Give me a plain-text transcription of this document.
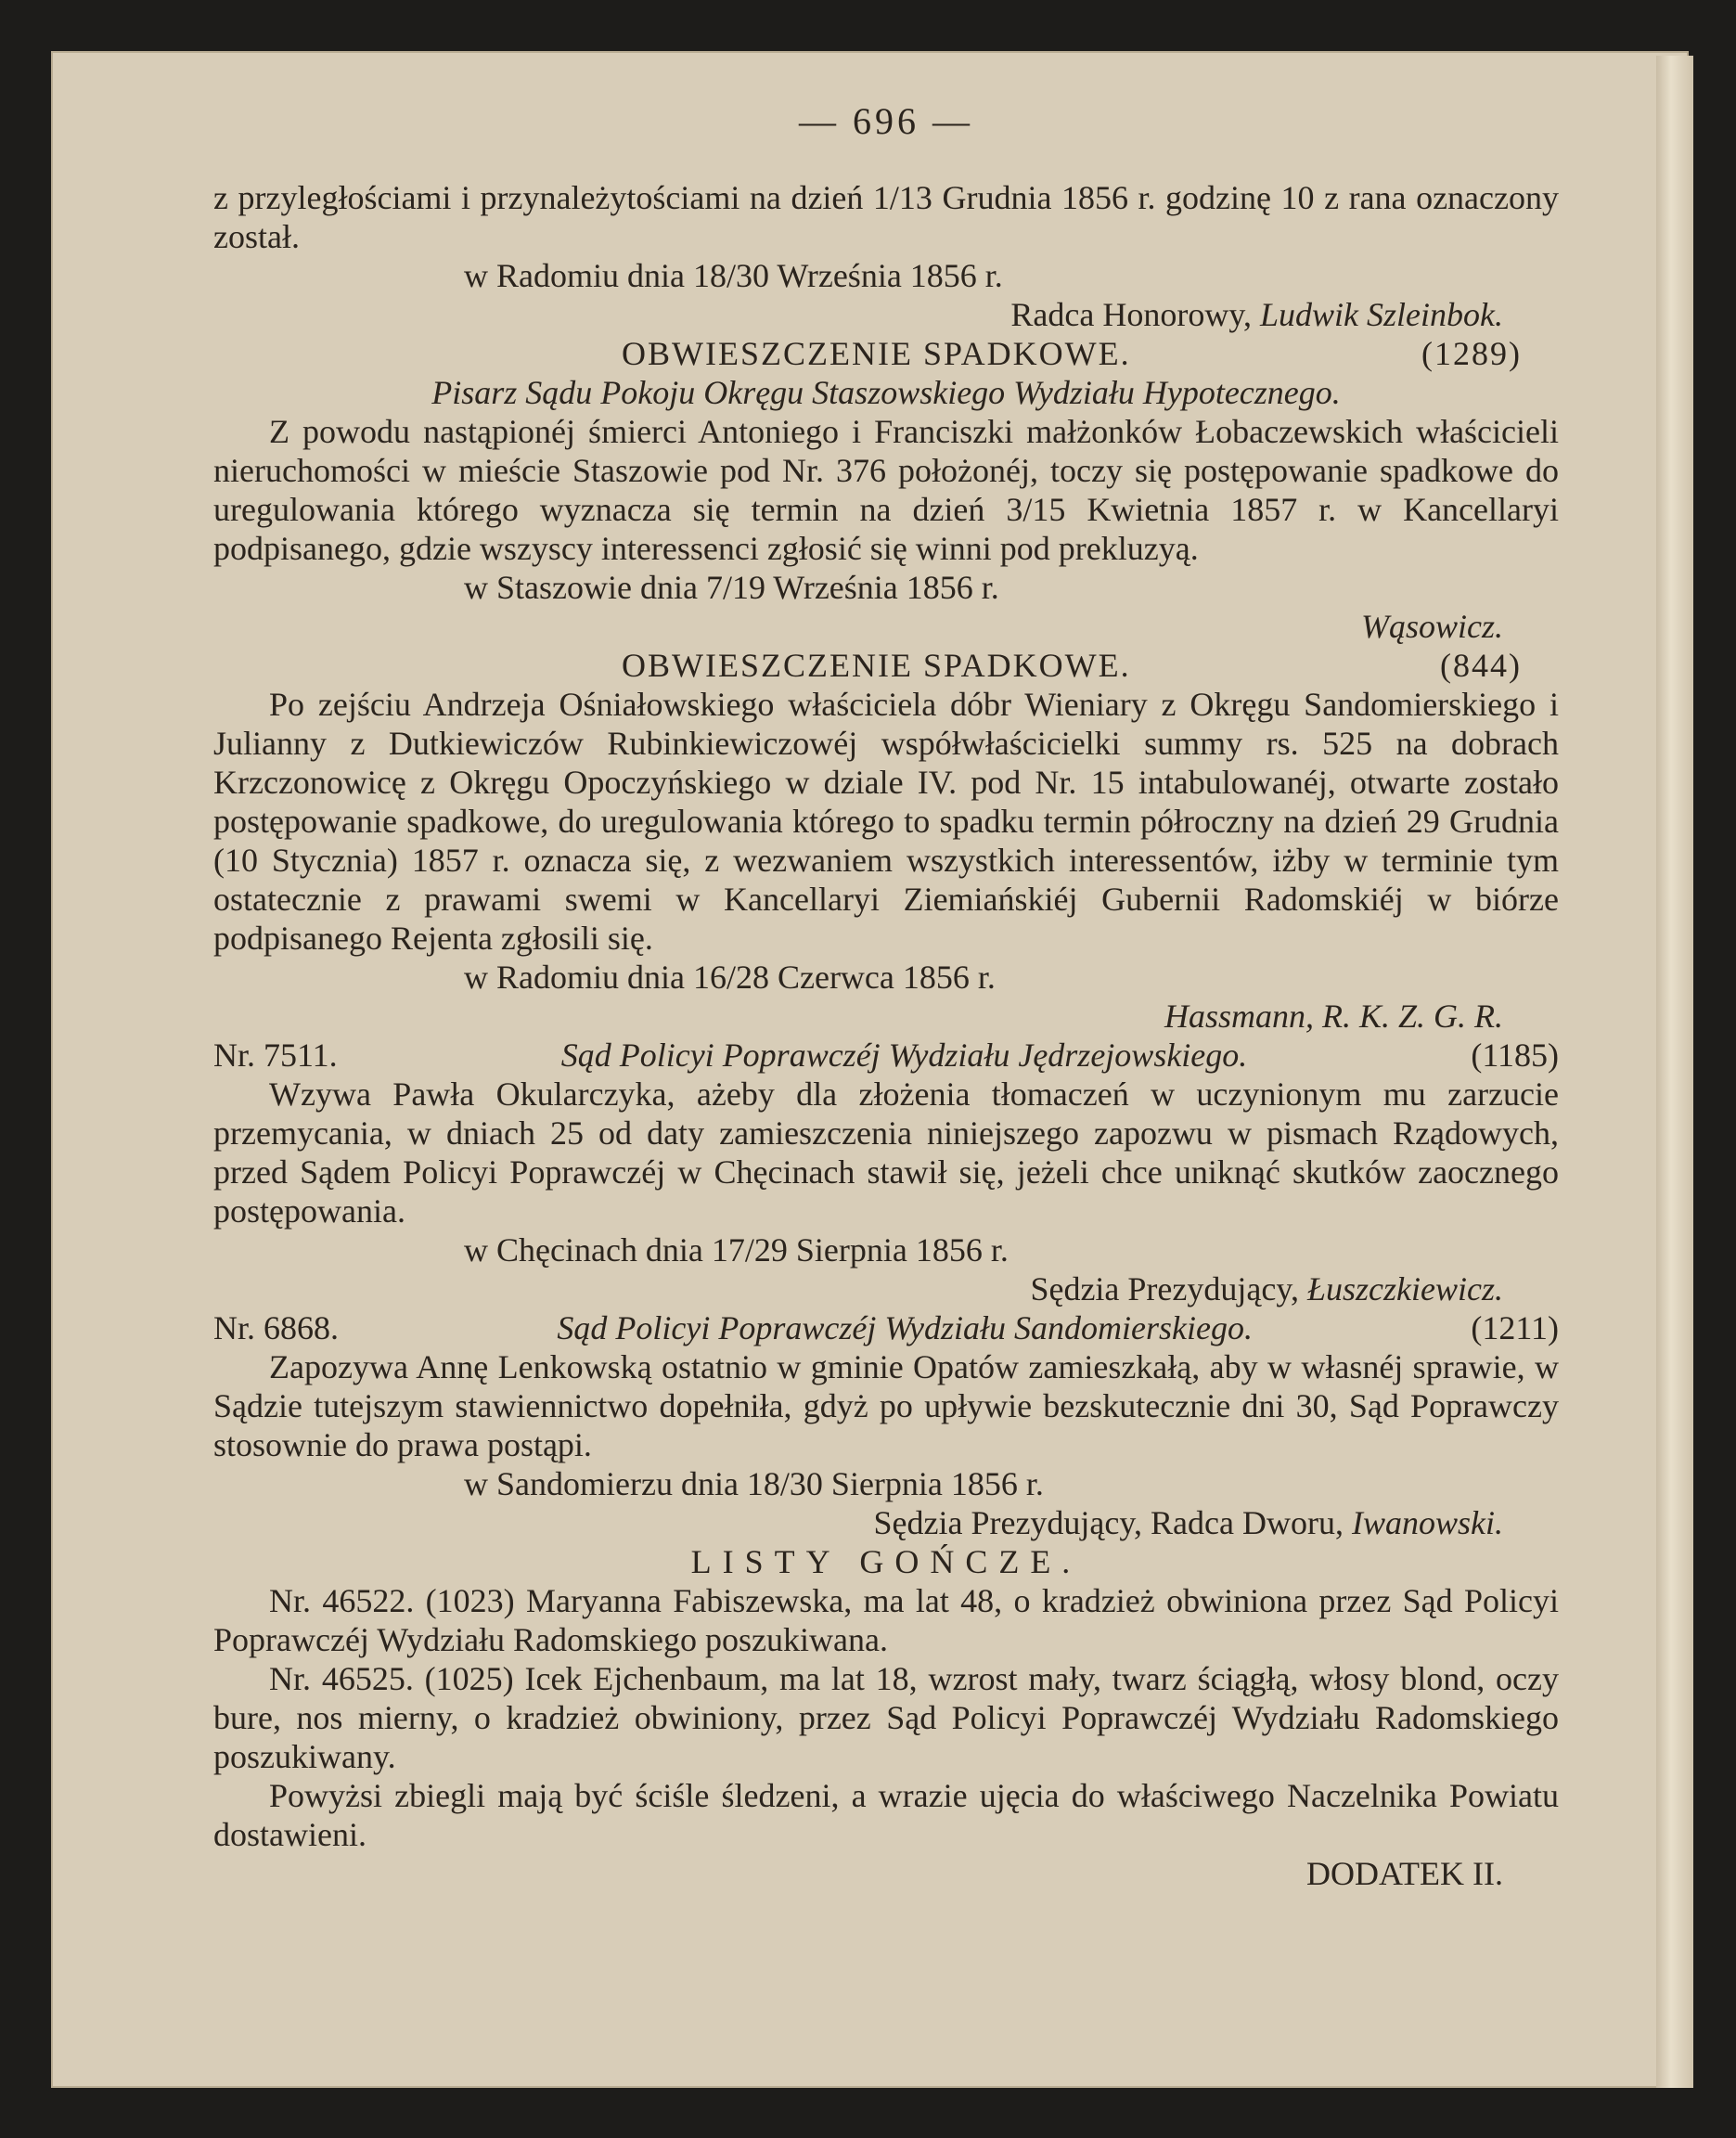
— 696 —

z przyległościami i przynależytościami na dzień 1/13 Grudnia 1856 r. godzinę 10 z rana oznaczony został.

w Radomiu dnia 18/30 Września 1856 r.

Radca Honorowy, Ludwik Szleinbok.

OBWIESZCZENIE SPADKOWE.	(1289)

Pisarz Sądu Pokoju Okręgu Staszowskiego Wydziału Hypotecznego.

Z powodu nastąpionéj śmierci Antoniego i Franciszki małżonków Łobaczewskich właścicieli nieruchomości w mieście Staszowie pod Nr. 376 położonéj, toczy się postępowanie spadkowe do uregulowania którego wyznacza się termin na dzień 3/15 Kwietnia 1857 r. w Kancellaryi podpisanego, gdzie wszyscy interessenci zgłosić się winni pod prekluzyą.

w Staszowie dnia 7/19 Września 1856 r.

Wąsowicz.

OBWIESZCZENIE SPADKOWE.	(844)

Po zejściu Andrzeja Ośniałowskiego właściciela dóbr Wieniary z Okręgu Sandomierskiego i Julianny z Dutkiewiczów Rubinkiewiczowéj współwłaścicielki summy rs. 525 na dobrach Krzczonowicę z Okręgu Opoczyńskiego w dziale IV. pod Nr. 15 intabulowanéj, otwarte zostało postępowanie spadkowe, do uregulowania którego to spadku termin półroczny na dzień 29 Grudnia (10 Stycznia) 1857 r. oznacza się, z wezwaniem wszystkich interessentów, iżby w terminie tym ostatecznie z prawami swemi w Kancellaryi Ziemiańskiéj Gubernii Radomskiéj w biórze podpisanego Rejenta zgłosili się.

w Radomiu dnia 16/28 Czerwca 1856 r.

Hassmann, R. K. Z. G. R.

Nr. 7511.	Sąd Policyi Poprawczéj Wydziału Jędrzejowskiego.	(1185)

Wzywa Pawła Okularczyka, ażeby dla złożenia tłomaczeń w uczynionym mu zarzucie przemycania, w dniach 25 od daty zamieszczenia niniejszego zapozwu w pismach Rządowych, przed Sądem Policyi Poprawczéj w Chęcinach stawił się, jeżeli chce uniknąć skutków zaocznego postępowania.

w Chęcinach dnia 17/29 Sierpnia 1856 r.

Sędzia Prezydujący, Łuszczkiewicz.

Nr. 6868.	Sąd Policyi Poprawczéj Wydziału Sandomierskiego.	(1211)

Zapozywa Annę Lenkowską ostatnio w gminie Opatów zamieszkałą, aby w własnéj sprawie, w Sądzie tutejszym stawiennictwo dopełniła, gdyż po upływie bezskutecznie dni 30, Sąd Poprawczy stosownie do prawa postąpi.

w Sandomierzu dnia 18/30 Sierpnia 1856 r.

Sędzia Prezydujący, Radca Dworu, Iwanowski.

LISTY GOŃCZE.

Nr. 46522. (1023) Maryanna Fabiszewska, ma lat 48, o kradzież obwiniona przez Sąd Policyi Poprawczéj Wydziału Radomskiego poszukiwana.

Nr. 46525. (1025) Icek Ejchenbaum, ma lat 18, wzrost mały, twarz ściągłą, włosy blond, oczy bure, nos mierny, o kradzież obwiniony, przez Sąd Policyi Poprawczéj Wydziału Radomskiego poszukiwany.

Powyżsi zbiegli mają być ściśle śledzeni, a wrazie ujęcia do właściwego Naczelnika Powiatu dostawieni.

DODATEK II.
